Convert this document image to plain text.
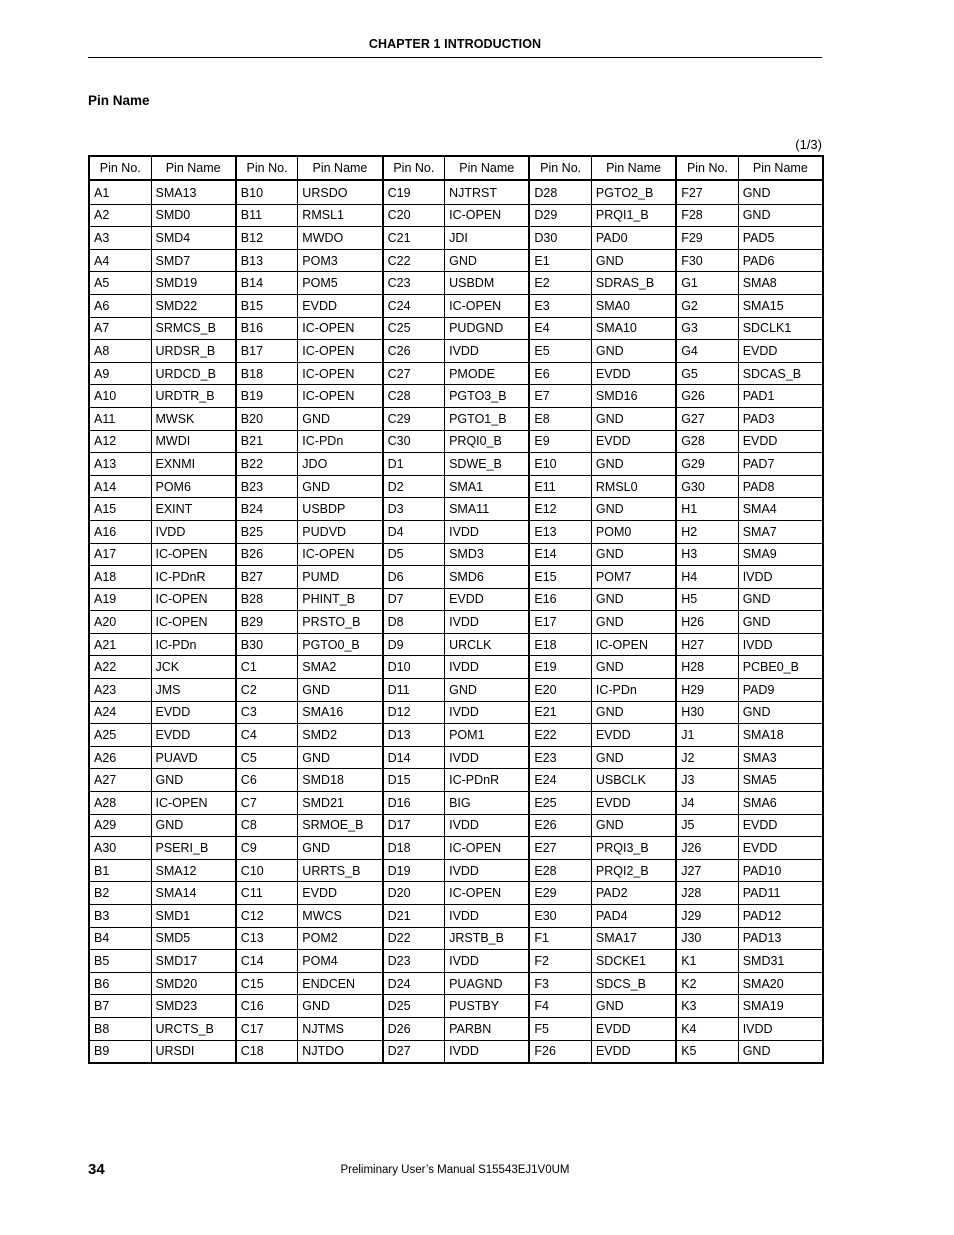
CHAPTER 1 INTRODUCTION
Pin Name
(1/3)
Pin No.	Pin Name	Pin No.	Pin Name	Pin No.	Pin Name	Pin No.	Pin Name	Pin No.	Pin Name
A1	SMA13	B10	URSDO	C19	NJTRST	D28	PGTO2_B	F27	GND
A2	SMD0	B11	RMSL1	C20	IC-OPEN	D29	PRQI1_B	F28	GND
A3	SMD4	B12	MWDO	C21	JDI	D30	PAD0	F29	PAD5
A4	SMD7	B13	POM3	C22	GND	E1	GND	F30	PAD6
A5	SMD19	B14	POM5	C23	USBDM	E2	SDRAS_B	G1	SMA8
A6	SMD22	B15	EVDD	C24	IC-OPEN	E3	SMA0	G2	SMA15
A7	SRMCS_B	B16	IC-OPEN	C25	PUDGND	E4	SMA10	G3	SDCLK1
A8	URDSR_B	B17	IC-OPEN	C26	IVDD	E5	GND	G4	EVDD
A9	URDCD_B	B18	IC-OPEN	C27	PMODE	E6	EVDD	G5	SDCAS_B
A10	URDTR_B	B19	IC-OPEN	C28	PGTO3_B	E7	SMD16	G26	PAD1
A11	MWSK	B20	GND	C29	PGTO1_B	E8	GND	G27	PAD3
A12	MWDI	B21	IC-PDn	C30	PRQI0_B	E9	EVDD	G28	EVDD
A13	EXNMI	B22	JDO	D1	SDWE_B	E10	GND	G29	PAD7
A14	POM6	B23	GND	D2	SMA1	E11	RMSL0	G30	PAD8
A15	EXINT	B24	USBDP	D3	SMA11	E12	GND	H1	SMA4
A16	IVDD	B25	PUDVD	D4	IVDD	E13	POM0	H2	SMA7
A17	IC-OPEN	B26	IC-OPEN	D5	SMD3	E14	GND	H3	SMA9
A18	IC-PDnR	B27	PUMD	D6	SMD6	E15	POM7	H4	IVDD
A19	IC-OPEN	B28	PHINT_B	D7	EVDD	E16	GND	H5	GND
A20	IC-OPEN	B29	PRSTO_B	D8	IVDD	E17	GND	H26	GND
A21	IC-PDn	B30	PGTO0_B	D9	URCLK	E18	IC-OPEN	H27	IVDD
A22	JCK	C1	SMA2	D10	IVDD	E19	GND	H28	PCBE0_B
A23	JMS	C2	GND	D11	GND	E20	IC-PDn	H29	PAD9
A24	EVDD	C3	SMA16	D12	IVDD	E21	GND	H30	GND
A25	EVDD	C4	SMD2	D13	POM1	E22	EVDD	J1	SMA18
A26	PUAVD	C5	GND	D14	IVDD	E23	GND	J2	SMA3
A27	GND	C6	SMD18	D15	IC-PDnR	E24	USBCLK	J3	SMA5
A28	IC-OPEN	C7	SMD21	D16	BIG	E25	EVDD	J4	SMA6
A29	GND	C8	SRMOE_B	D17	IVDD	E26	GND	J5	EVDD
A30	PSERI_B	C9	GND	D18	IC-OPEN	E27	PRQI3_B	J26	EVDD
B1	SMA12	C10	URRTS_B	D19	IVDD	E28	PRQI2_B	J27	PAD10
B2	SMA14	C11	EVDD	D20	IC-OPEN	E29	PAD2	J28	PAD11
B3	SMD1	C12	MWCS	D21	IVDD	E30	PAD4	J29	PAD12
B4	SMD5	C13	POM2	D22	JRSTB_B	F1	SMA17	J30	PAD13
B5	SMD17	C14	POM4	D23	IVDD	F2	SDCKE1	K1	SMD31
B6	SMD20	C15	ENDCEN	D24	PUAGND	F3	SDCS_B	K2	SMA20
B7	SMD23	C16	GND	D25	PUSTBY	F4	GND	K3	SMA19
B8	URCTS_B	C17	NJTMS	D26	PARBN	F5	EVDD	K4	IVDD
B9	URSDI	C18	NJTDO	D27	IVDD	F26	EVDD	K5	GND
34	Preliminary User’s Manual S15543EJ1V0UM
